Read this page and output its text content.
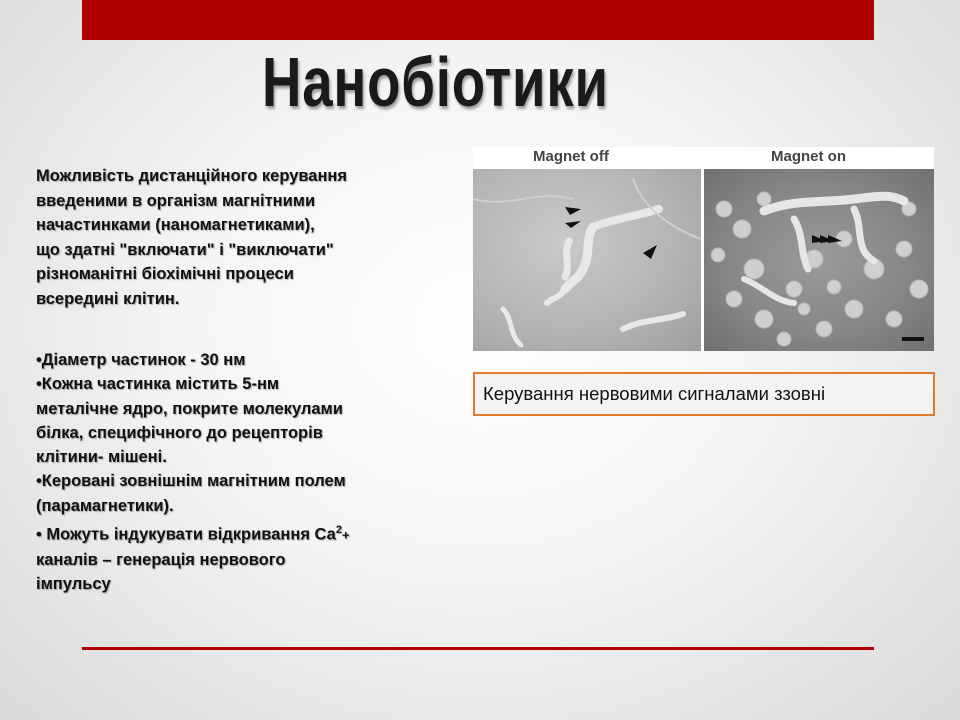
Нанобіотики

Можливість дистанційного керування
введеними в організм магнітними
начастинками (наномагнетиками),
що здатні "включати" і "виключати"
різноманітні біохімічні процеси
всередині клітин.

•Діаметр частинок - 30 нм

•Кожна частинка містить 5-нм
металічне ядро, покрите молекулами
білка, специфічного до рецепторів
клітини- мішені.

•Керовані зовнішнім магнітним полем
(парамагнетики).

• Можуть індукувати відкривання $Са^2+$
каналів – генерація нервового
імпульсу

Magnet off	Magnet on
Керування нервовими сигналами ззовні
